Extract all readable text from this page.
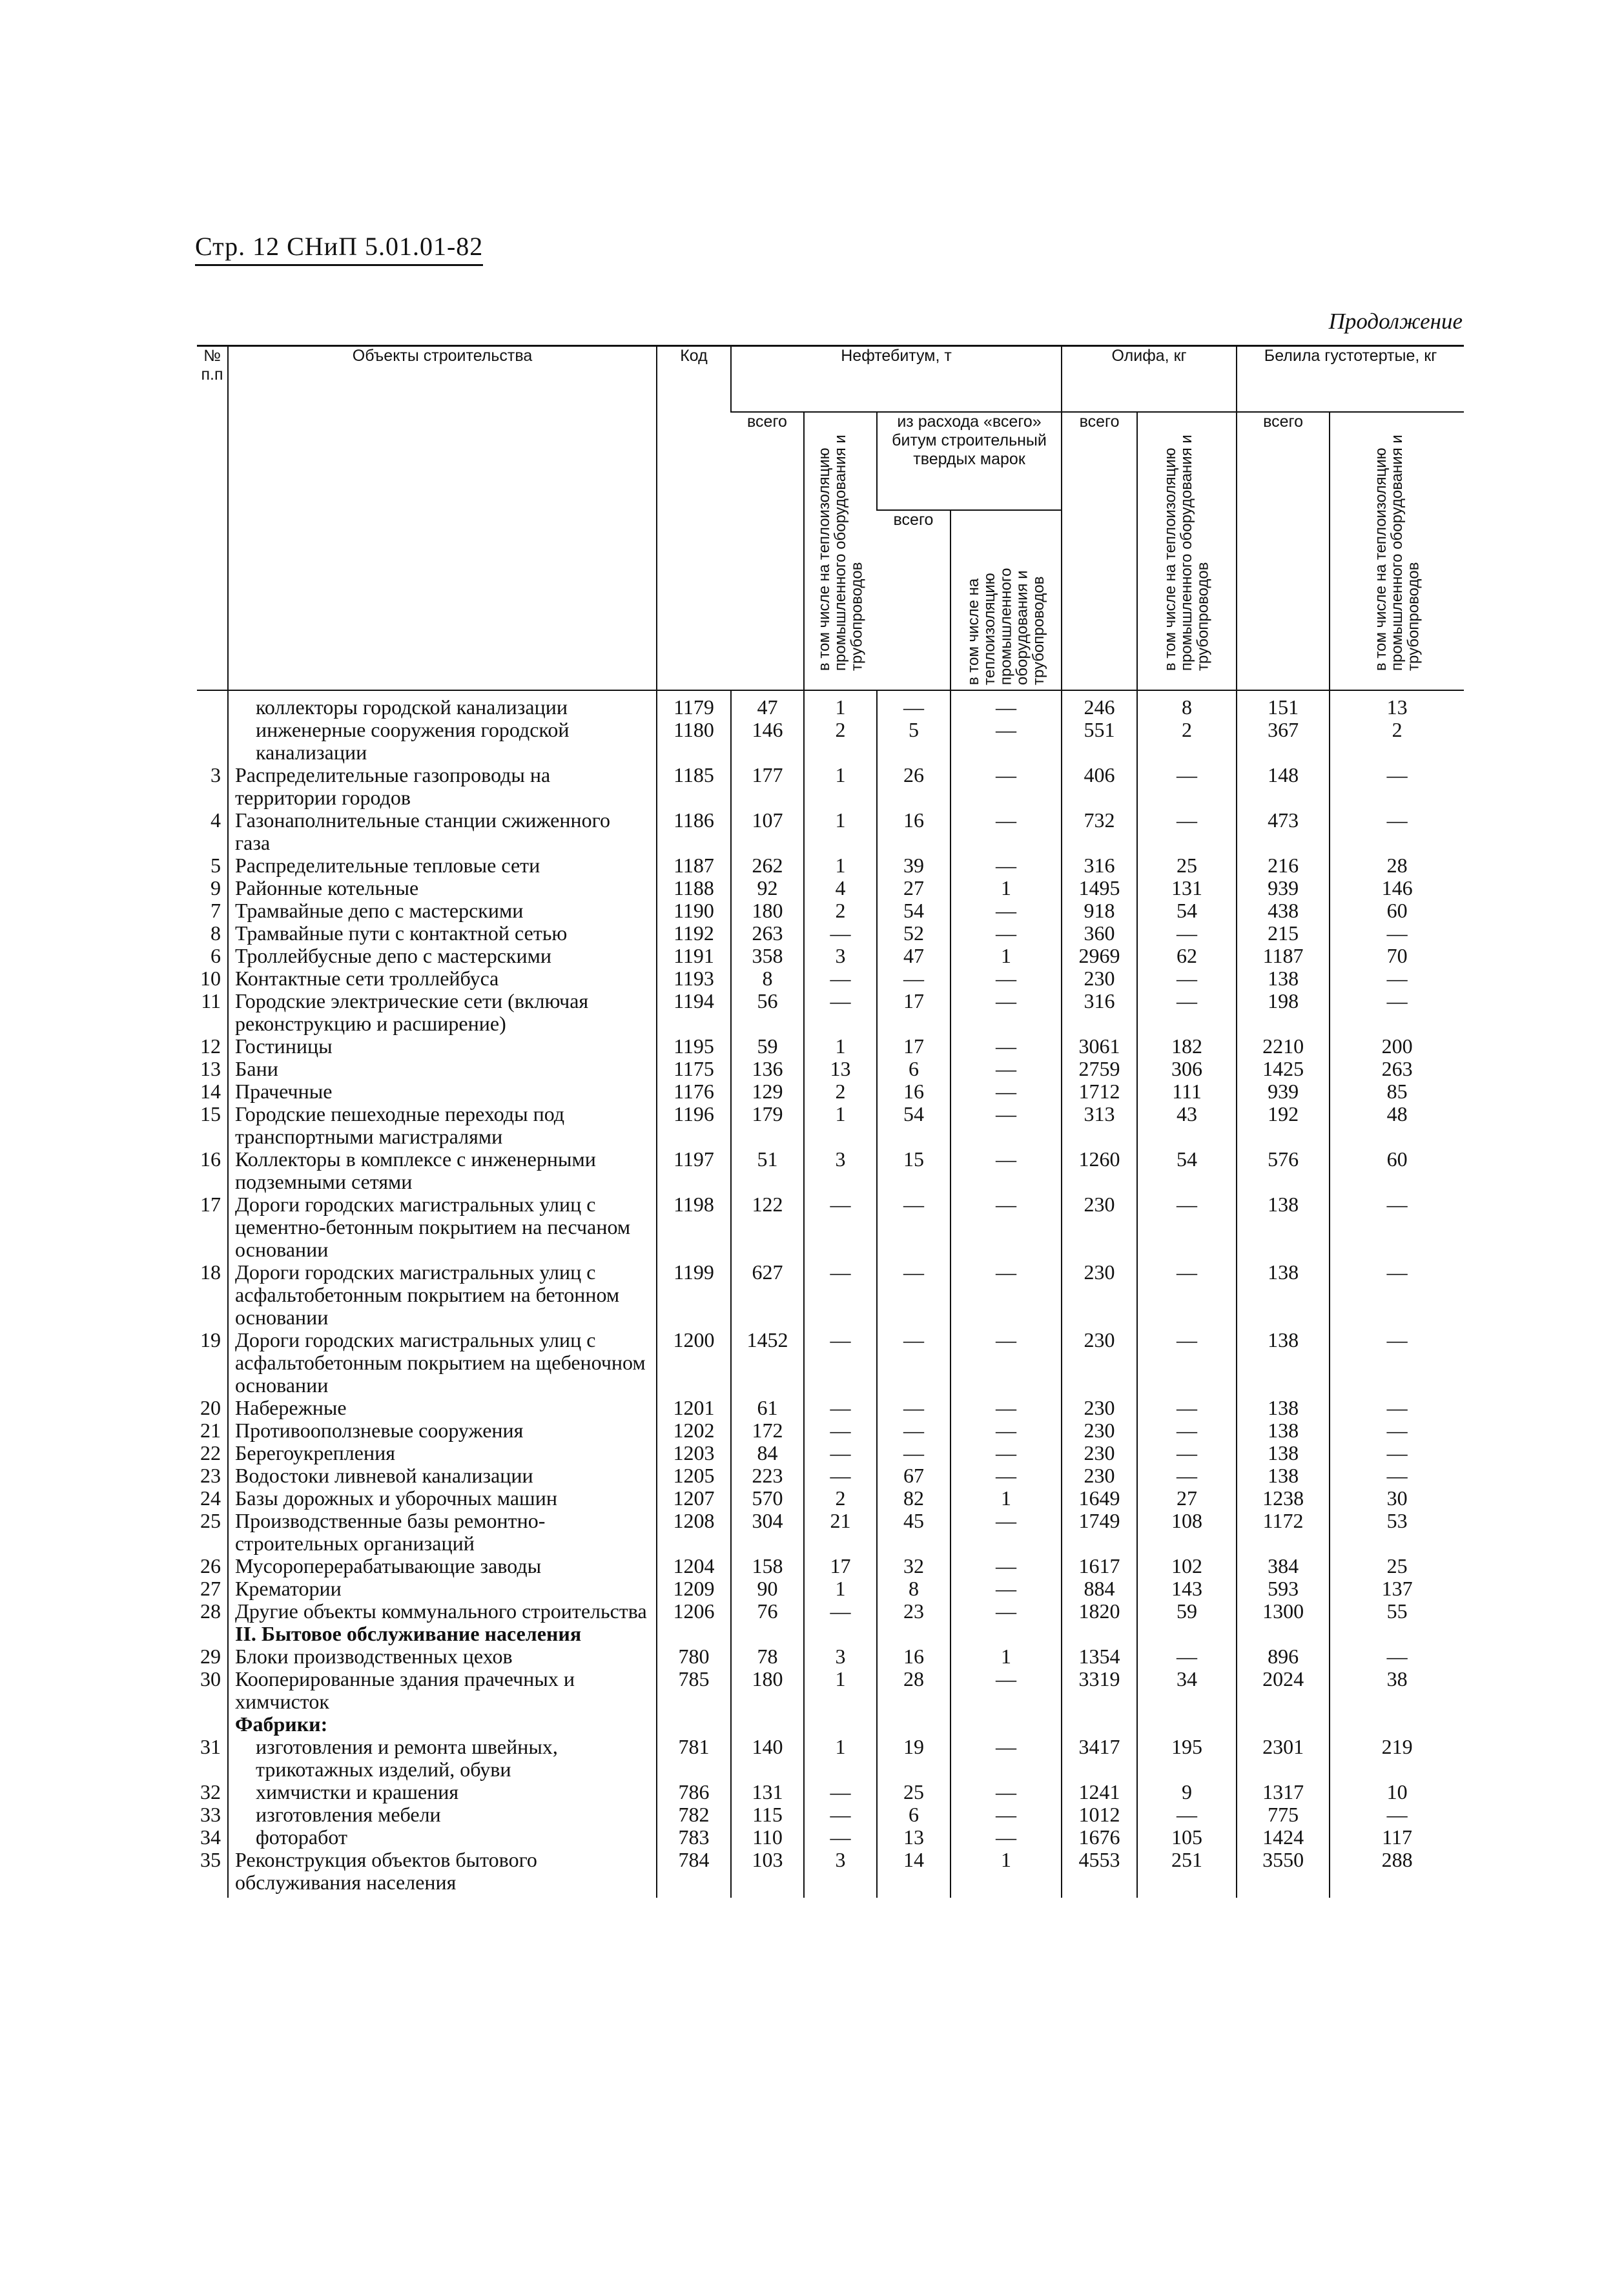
Стр. 12 СНиП 5.01.01-82
Продолжение
№ п.п	Объекты строительства	Код	Нефтебитум, т				Олифа, кг		Белила густотертые, кг	
			всего	в том числе на теплоизоляцию промышленного оборудования и трубопроводов	из расхода «всего» битум строительный твердых марок		всего	в том числе на теплоизоляцию промышленного оборудования и трубопроводов	всего	в том числе на теплоизоляцию промышленного оборудования и трубопроводов
					всего	в том числе на теплоизоляцию промышленного оборудования и трубопроводов				
	коллекторы городской канализации	1179	47	1	—	—	246	8	151	13
	инженерные сооружения городской канализации	1180	146	2	5	—	551	2	367	2
3	Распределительные газопроводы на территории городов	1185	177	1	26	—	406	—	148	—
4	Газонаполнительные станции сжиженного газа	1186	107	1	16	—	732	—	473	—
5	Распределительные тепловые сети	1187	262	1	39	—	316	25	216	28
9	Районные котельные	1188	92	4	27	1	1495	131	939	146
7	Трамвайные депо с мастерскими	1190	180	2	54	—	918	54	438	60
8	Трамвайные пути с контактной сетью	1192	263	—	52	—	360	—	215	—
6	Троллейбусные депо с мастерскими	1191	358	3	47	1	2969	62	1187	70
10	Контактные сети троллейбуса	1193	8	—	—	—	230	—	138	—
11	Городские электрические сети (включая реконструкцию и расширение)	1194	56	—	17	—	316	—	198	—
12	Гостиницы	1195	59	1	17	—	3061	182	2210	200
13	Бани	1175	136	13	6	—	2759	306	1425	263
14	Прачечные	1176	129	2	16	—	1712	111	939	85
15	Городские пешеходные переходы под транспортными магистралями	1196	179	1	54	—	313	43	192	48
16	Коллекторы в комплексе с инженерными подземными сетями	1197	51	3	15	—	1260	54	576	60
17	Дороги городских магистральных улиц с цементно-бетонным покрытием на песчаном основании	1198	122	—	—	—	230	—	138	—
18	Дороги городских магистральных улиц с асфальтобетонным покрытием на бетонном основании	1199	627	—	—	—	230	—	138	—
19	Дороги городских магистральных улиц с асфальтобетонным покрытием на щебеночном основании	1200	1452	—	—	—	230	—	138	—
20	Набережные	1201	61	—	—	—	230	—	138	—
21	Противооползневые сооружения	1202	172	—	—	—	230	—	138	—
22	Берегоукрепления	1203	84	—	—	—	230	—	138	—
23	Водостоки ливневой канализации	1205	223	—	67	—	230	—	138	—
24	Базы дорожных и уборочных машин	1207	570	2	82	1	1649	27	1238	30
25	Производственные базы ремонтно-строительных организаций	1208	304	21	45	—	1749	108	1172	53
26	Мусороперерабатывающие заводы	1204	158	17	32	—	1617	102	384	25
27	Крематории	1209	90	1	8	—	884	143	593	137
28	Другие объекты коммунального строительства	1206	76	—	23	—	1820	59	1300	55
	II. Бытовое обслуживание населения									
29	Блоки производственных цехов	780	78	3	16	1	1354	—	896	—
30	Кооперированные здания прачечных и химчисток	785	180	1	28	—	3319	34	2024	38
	Фабрики:									
31	изготовления и ремонта швейных, трикотажных изделий, обуви	781	140	1	19	—	3417	195	2301	219
32	химчистки и крашения	786	131	—	25	—	1241	9	1317	10
33	изготовления мебели	782	115	—	6	—	1012	—	775	—
34	фоторабот	783	110	—	13	—	1676	105	1424	117
35	Реконструкция объектов бытового обслуживания населения	784	103	3	14	1	4553	251	3550	288
